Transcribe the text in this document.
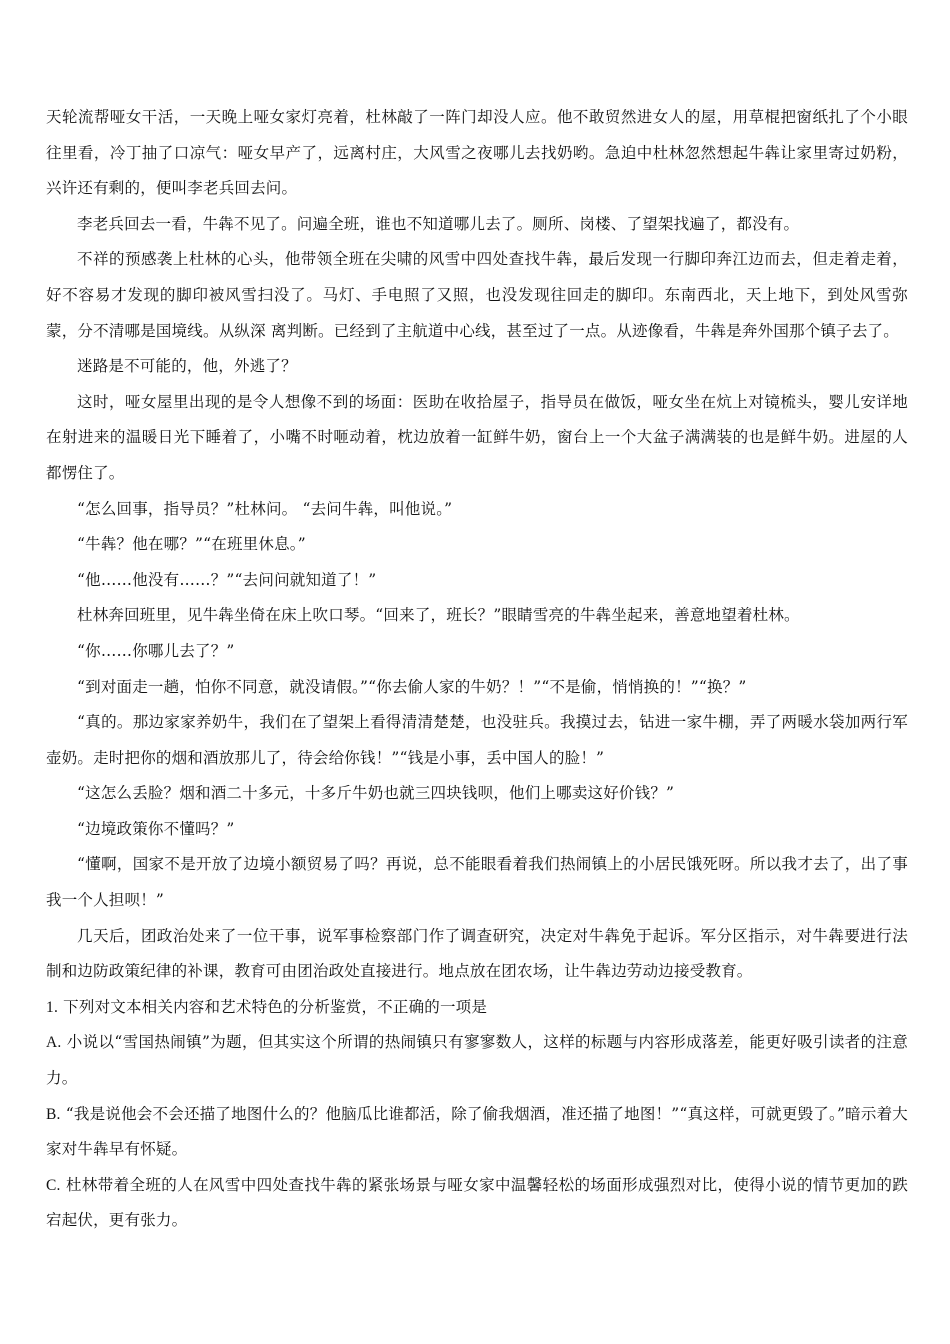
天轮流帮哑女干活，一天晚上哑女家灯亮着，杜林敲了一阵门却没人应。他不敢贸然进女人的屋，用草棍把窗纸扎了个小眼往里看，冷丁抽了口凉气：哑女早产了，远离村庄，大风雪之夜哪儿去找奶哟。急迫中杜林忽然想起牛犇让家里寄过奶粉，兴许还有剩的，便叫李老兵回去问。

李老兵回去一看，牛犇不见了。问遍全班，谁也不知道哪儿去了。厕所、岗楼、了望架找遍了，都没有。

不祥的预感袭上杜林的心头，他带领全班在尖啸的风雪中四处查找牛犇，最后发现一行脚印奔江边而去，但走着走着，好不容易才发现的脚印被风雪扫没了。马灯、手电照了又照，也没发现往回走的脚印。东南西北，天上地下，到处风雪弥蒙，分不清哪是国境线。从纵深 离判断。已经到了主航道中心线，甚至过了一点。从迹像看，牛犇是奔外国那个镇子去了。

迷路是不可能的，他，外逃了？

这时，哑女屋里出现的是令人想像不到的场面：医助在收拾屋子，指导员在做饭，哑女坐在炕上对镜梳头，婴儿安详地在射进来的温暖日光下睡着了，小嘴不时咂动着，枕边放着一缸鲜牛奶，窗台上一个大盆子满满装的也是鲜牛奶。进屋的人都愣住了。

“怎么回事，指导员？”杜林问。 “去问牛犇，叫他说。”

“牛犇？他在哪？”“在班里休息。”

“他……他没有……？”“去问问就知道了！”

杜林奔回班里，见牛犇坐倚在床上吹口琴。“回来了，班长？”眼睛雪亮的牛犇坐起来，善意地望着杜林。

“你……你哪儿去了？”

“到对面走一趟，怕你不同意，就没请假。”“你去偷人家的牛奶？！”“不是偷，悄悄换的！”“换？”

“真的。那边家家养奶牛，我们在了望架上看得清清楚楚，也没驻兵。我摸过去，钻进一家牛棚，弄了两暖水袋加两行军壶奶。走时把你的烟和酒放那儿了，待会给你钱！”“钱是小事，丢中国人的脸！”

“这怎么丢脸？烟和酒二十多元，十多斤牛奶也就三四块钱呗，他们上哪卖这好价钱？”

“边境政策你不懂吗？”

“懂啊，国家不是开放了边境小额贸易了吗？再说，总不能眼看着我们热闹镇上的小居民饿死呀。所以我才去了，出了事我一个人担呗！”

几天后，团政治处来了一位干事，说军事检察部门作了调查研究，决定对牛犇免于起诉。军分区指示，对牛犇要进行法制和边防政策纪律的补课，教育可由团治政处直接进行。地点放在团农场，让牛犇边劳动边接受教育。

1. 下列对文本相关内容和艺术特色的分析鉴赏，不正确的一项是

A. 小说以“雪国热闹镇”为题，但其实这个所谓的热闹镇只有寥寥数人，这样的标题与内容形成落差，能更好吸引读者的注意力。

B. “我是说他会不会还描了地图什么的？他脑瓜比谁都活，除了偷我烟酒，准还描了地图！”“真这样，可就更毁了。”暗示着大家对牛犇早有怀疑。

C. 杜林带着全班的人在风雪中四处查找牛犇的紧张场景与哑女家中温馨轻松的场面形成强烈对比，使得小说的情节更加的跌宕起伏，更有张力。
